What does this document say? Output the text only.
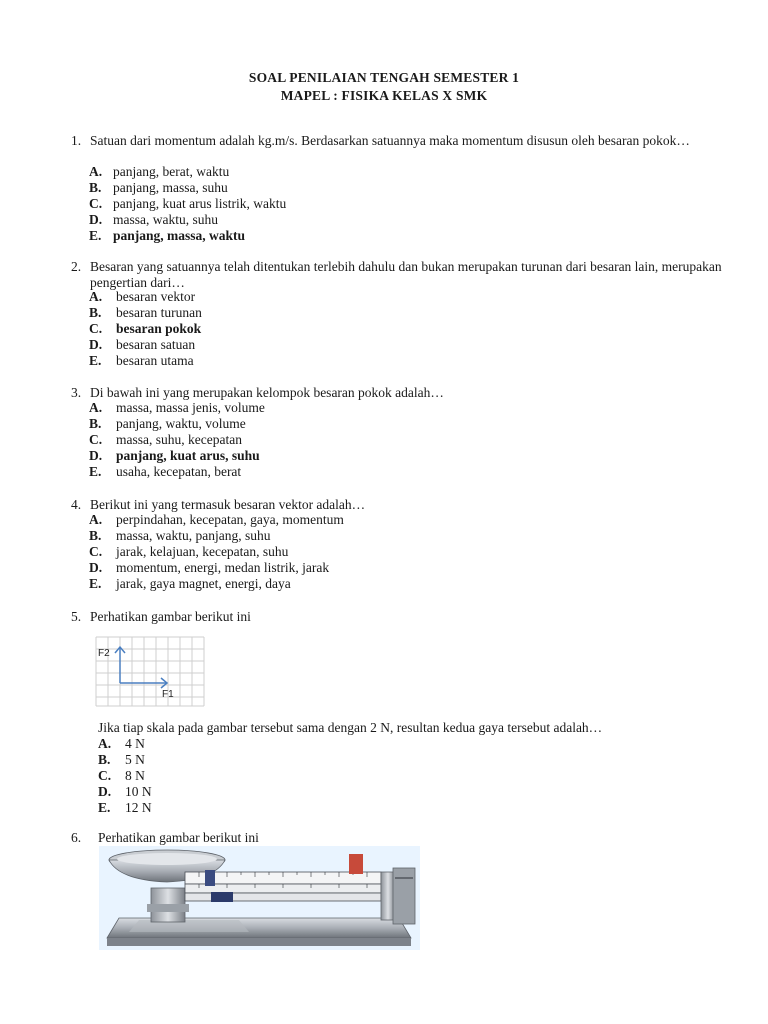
SOAL PENILAIAN TENGAH SEMESTER 1
MAPEL : FISIKA KELAS X SMK
1. Satuan dari momentum adalah kg.m/s. Berdasarkan satuannya maka momentum disusun oleh besaran pokok…
A. panjang, berat, waktu
B. panjang, massa, suhu
C. panjang, kuat arus listrik, waktu
D. massa, waktu, suhu
E. panjang, massa, waktu
2. Besaran yang satuannya telah ditentukan terlebih dahulu dan bukan merupakan turunan dari besaran lain, merupakan pengertian dari…
A. besaran vektor
B. besaran turunan
C. besaran pokok
D. besaran satuan
E. besaran utama
3. Di bawah ini yang merupakan kelompok besaran pokok adalah…
A. massa, massa jenis, volume
B. panjang, waktu, volume
C. massa, suhu, kecepatan
D. panjang, kuat arus, suhu
E. usaha, kecepatan, berat
4. Berikut ini yang termasuk besaran vektor adalah…
A. perpindahan, kecepatan, gaya, momentum
B. massa, waktu, panjang, suhu
C. jarak, kelajuan, kecepatan, suhu
D. momentum, energi, medan listrik, jarak
E. jarak, gaya magnet, energi, daya
5. Perhatikan gambar berikut ini
F2
F1
Jika tiap skala pada gambar tersebut sama dengan 2 N, resultan kedua gaya tersebut adalah…
A. 4 N
B. 5 N
C. 8 N
D. 10 N
E. 12 N
6. Perhatikan gambar berikut ini
